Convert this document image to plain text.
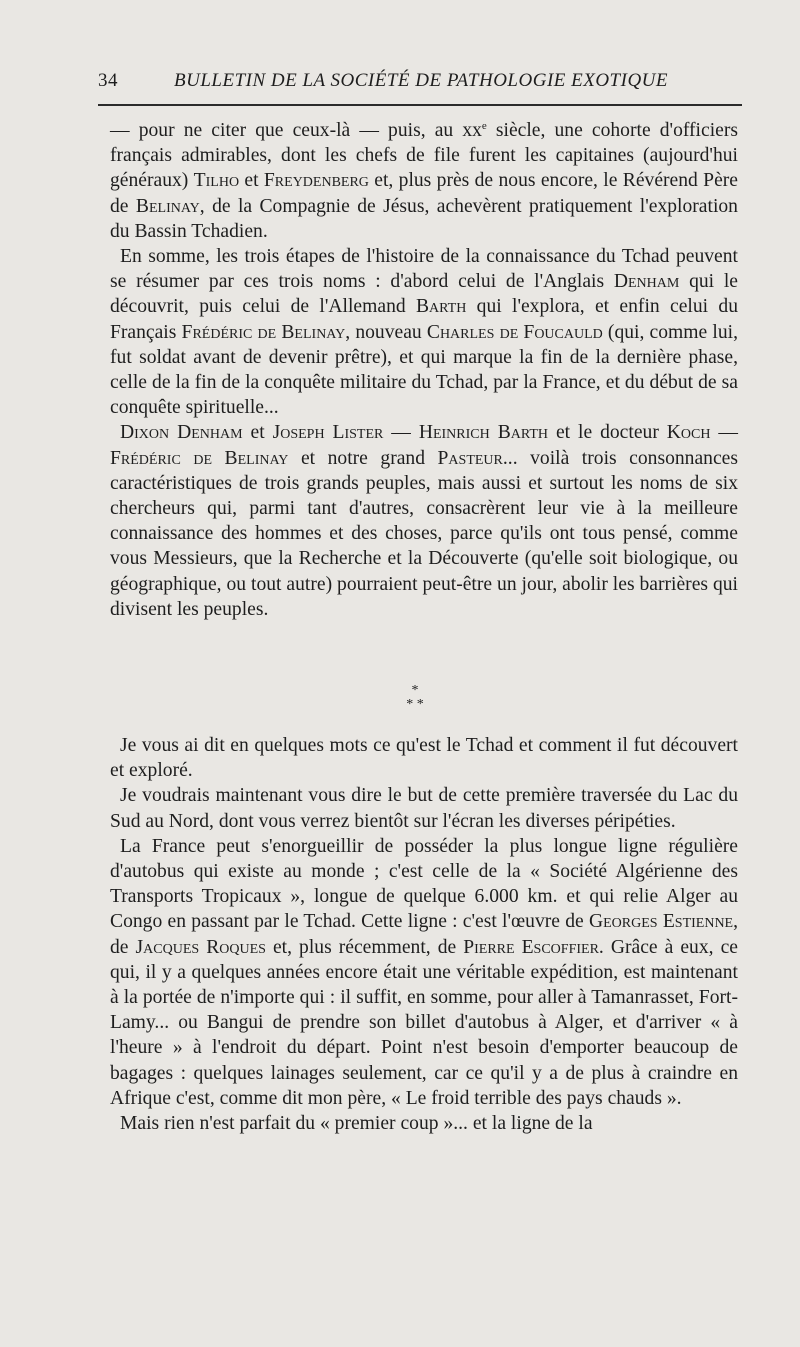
34	BULLETIN DE LA SOCIÉTÉ DE PATHOLOGIE EXOTIQUE

— pour ne citer que ceux-là — puis, au $xx^e$ siècle, une cohorte d'officiers français admirables, dont les chefs de file furent les capitaines (aujourd'hui généraux) Tilho et Freydenberg et, plus près de nous encore, le Révérend Père de Belinay, de la Compagnie de Jésus, achevèrent pratiquement l'exploration du Bassin Tchadien.

En somme, les trois étapes de l'histoire de la connaissance du Tchad peuvent se résumer par ces trois noms : d'abord celui de l'Anglais Denham qui le découvrit, puis celui de l'Allemand Barth qui l'explora, et enfin celui du Français Frédéric de Belinay, nouveau Charles de Foucauld (qui, comme lui, fut soldat avant de devenir prêtre), et qui marque la fin de la dernière phase, celle de la fin de la conquête militaire du Tchad, par la France, et du début de sa conquête spirituelle...

Dixon Denham et Joseph Lister — Heinrich Barth et le docteur Koch — Frédéric de Belinay et notre grand Pasteur... voilà trois consonnances caractéristiques de trois grands peuples, mais aussi et surtout les noms de six chercheurs qui, parmi tant d'autres, consacrèrent leur vie à la meilleure connaissance des hommes et des choses, parce qu'ils ont tous pensé, comme vous Messieurs, que la Recherche et la Découverte (qu'elle soit biologique, ou géographique, ou tout autre) pourraient peut-être un jour, abolir les barrières qui divisent les peuples.

*
* *

Je vous ai dit en quelques mots ce qu'est le Tchad et comment il fut découvert et exploré.

Je voudrais maintenant vous dire le but de cette première traversée du Lac du Sud au Nord, dont vous verrez bientôt sur l'écran les diverses péripéties.

La France peut s'enorgueillir de posséder la plus longue ligne régulière d'autobus qui existe au monde ; c'est celle de la « Société Algérienne des Transports Tropicaux », longue de quelque 6.000 km. et qui relie Alger au Congo en passant par le Tchad. Cette ligne : c'est l'œuvre de Georges Estienne, de Jacques Roques et, plus récemment, de Pierre Escoffier. Grâce à eux, ce qui, il y a quelques années encore était une véritable expédition, est maintenant à la portée de n'importe qui : il suffit, en somme, pour aller à Tamanrasset, Fort-Lamy... ou Bangui de prendre son billet d'autobus à Alger, et d'arriver « à l'heure » à l'endroit du départ. Point n'est besoin d'emporter beaucoup de bagages : quelques lainages seulement, car ce qu'il y a de plus à craindre en Afrique c'est, comme dit mon père, « Le froid terrible des pays chauds ».

Mais rien n'est parfait du « premier coup »... et la ligne de la
